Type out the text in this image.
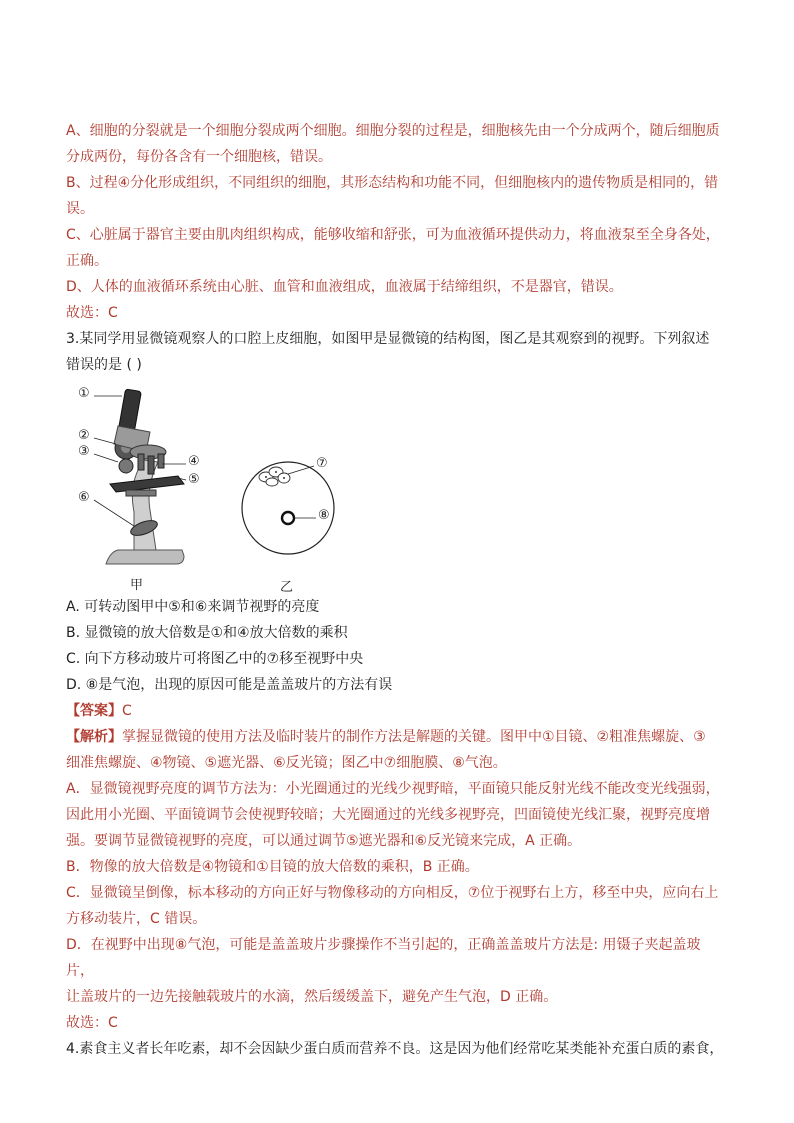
A、细胞的分裂就是一个细胞分裂成两个细胞。细胞分裂的过程是，细胞核先由一个分成两个，随后细胞质

分成两份，每份各含有一个细胞核，错误。

B、过程④分化形成组织，不同组织的细胞，其形态结构和功能不同，但细胞核内的遗传物质是相同的，错

误。

C、心脏属于器官主要由肌肉组织构成，能够收缩和舒张，可为血液循环提供动力，将血液泵至全身各处，

正确。

D、人体的血液循环系统由心脏、血管和血液组成，血液属于结缔组织，不是器官，错误。

故选：C

3.某同学用显微镜观察人的口腔上皮细胞，如图甲是显微镜的结构图，图乙是其观察到的视野。下列叙述

错误的是 ( )

①
②
③
⑥
④
⑤
⑦
⑧
甲	乙

A. 可转动图甲中⑤和⑥来调节视野的亮度

B. 显微镜的放大倍数是①和④放大倍数的乘积

C. 向下方移动玻片可将图乙中的⑦移至视野中央

D. ⑧是气泡，出现的原因可能是盖盖玻片的方法有误

【答案】C

【解析】掌握显微镜的使用方法及临时装片的制作方法是解题的关键。图甲中①目镜、②粗准焦螺旋、③

细准焦螺旋、④物镜、⑤遮光器、⑥反光镜；图乙中⑦细胞膜、⑧气泡。

A．显微镜视野亮度的调节方法为：小光圈通过的光线少视野暗，平面镜只能反射光线不能改变光线强弱，

因此用小光圈、平面镜调节会使视野较暗；大光圈通过的光线多视野亮，凹面镜使光线汇聚，视野亮度增

强。要调节显微镜视野的亮度，可以通过调节⑤遮光器和⑥反光镜来完成，A 正确。

B．物像的放大倍数是④物镜和①目镜的放大倍数的乘积，B 正确。

C．显微镜呈倒像，标本移动的方向正好与物像移动的方向相反，⑦位于视野右上方，移至中央，应向右上

方移动装片，C 错误。

D．在视野中出现⑧气泡，可能是盖盖玻片步骤操作不当引起的，正确盖盖玻片方法是: 用镊子夹起盖玻片，

让盖玻片的一边先接触载玻片的水滴，然后缓缓盖下，避免产生气泡，D 正确。

故选：C

4.素食主义者长年吃素，却不会因缺少蛋白质而营养不良。这是因为他们经常吃某类能补充蛋白质的素食，
